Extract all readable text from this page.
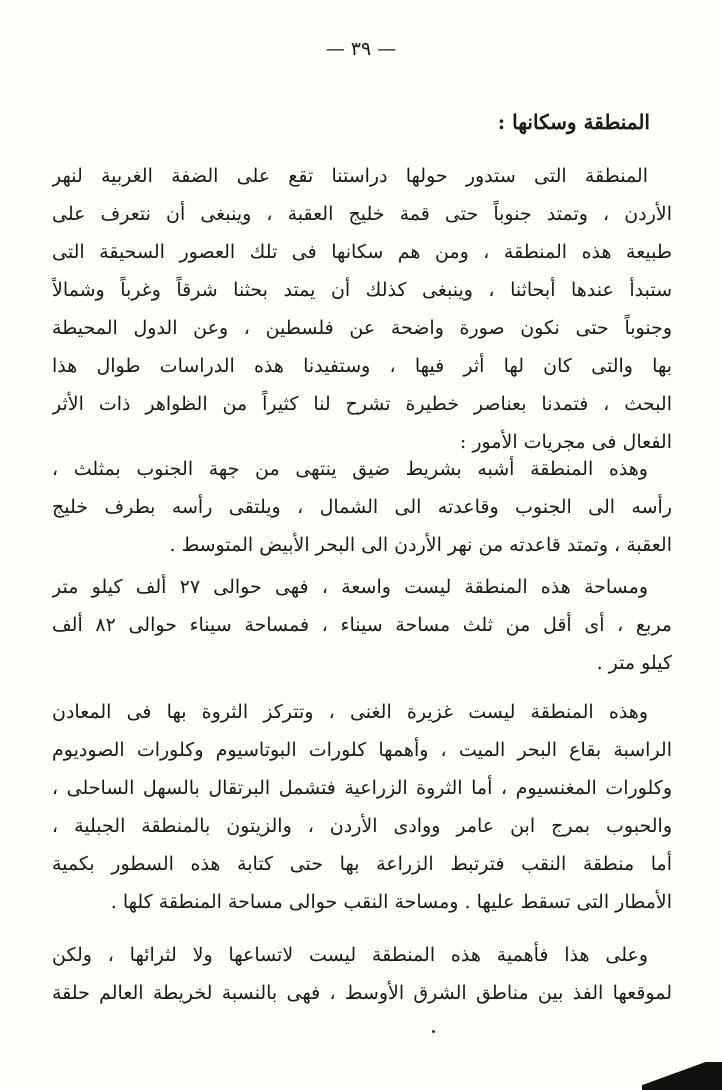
— ٣٩ —
المنطقة وسكانها :
المنطقة التى ستدور حولها دراستنا تقع على الضفة الغربية لنهر
الأردن ، وتمتد جنوباً حتى قمة خليج العقبة ، وينبغى أن نتعرف على
طبيعة هذه المنطقة ، ومن هم سكانها فى تلك العصور السحيقة التى
ستبدأ عندها أبحاثنا ، وينبغى كذلك أن يمتد بحثنا شرقاً وغرباً وشمالاً
وجنوباً حتى نكون صورة واضحة عن فلسطين ، وعن الدول المحيطة
بها والتى كان لها أثر فيها ، وستفيدنا هذه الدراسات طوال هذا
البحث ، فتمدنا بعناصر خطيرة تشرح لنا كثيراً من الظواهر ذات الأثر
الفعال فى مجريات الأمور :
وهذه المنطقة أشبه بشريط ضيق ينتهى من جهة الجنوب بمثلث ،
رأسه الى الجنوب وقاعدته الى الشمال ، ويلتقى رأسه بطرف خليج
العقبة ، وتمتد قاعدته من نهر الأردن الى البحر الأبيض المتوسط .
ومساحة هذه المنطقة ليست واسعة ، فهى حوالى ٢٧ ألف كيلو متر
مربع ، أى أقل من ثلث مساحة سيناء ، فمساحة سيناء حوالى ٨٢ ألف
كيلو متر .
وهذه المنطقة ليست غزيرة الغنى ، وتتركز الثروة بها فى المعادن
الراسبة بقاع البحر الميت ، وأهمها كلورات البوتاسيوم وكلورات الصوديوم
وكلورات المغنسيوم ، أما الثروة الزراعية فتشمل البرتقال بالسهل الساحلى ،
والحبوب بمرج ابن عامر ووادى الأردن ، والزيتون بالمنطقة الجبلية ،
أما منطقة النقب فترتبط الزراعة بها حتى كتابة هذه السطور بكمية
الأمطار التى تسقط عليها . ومساحة النقب حوالى مساحة المنطقة كلها .
وعلى هذا فأهمية هذه المنطقة ليست لاتساعها ولا لثرائها ، ولكن
لموقعها الفذ بين مناطق الشرق الأوسط ، فهى بالنسبة لخريطة العالم حلقة
